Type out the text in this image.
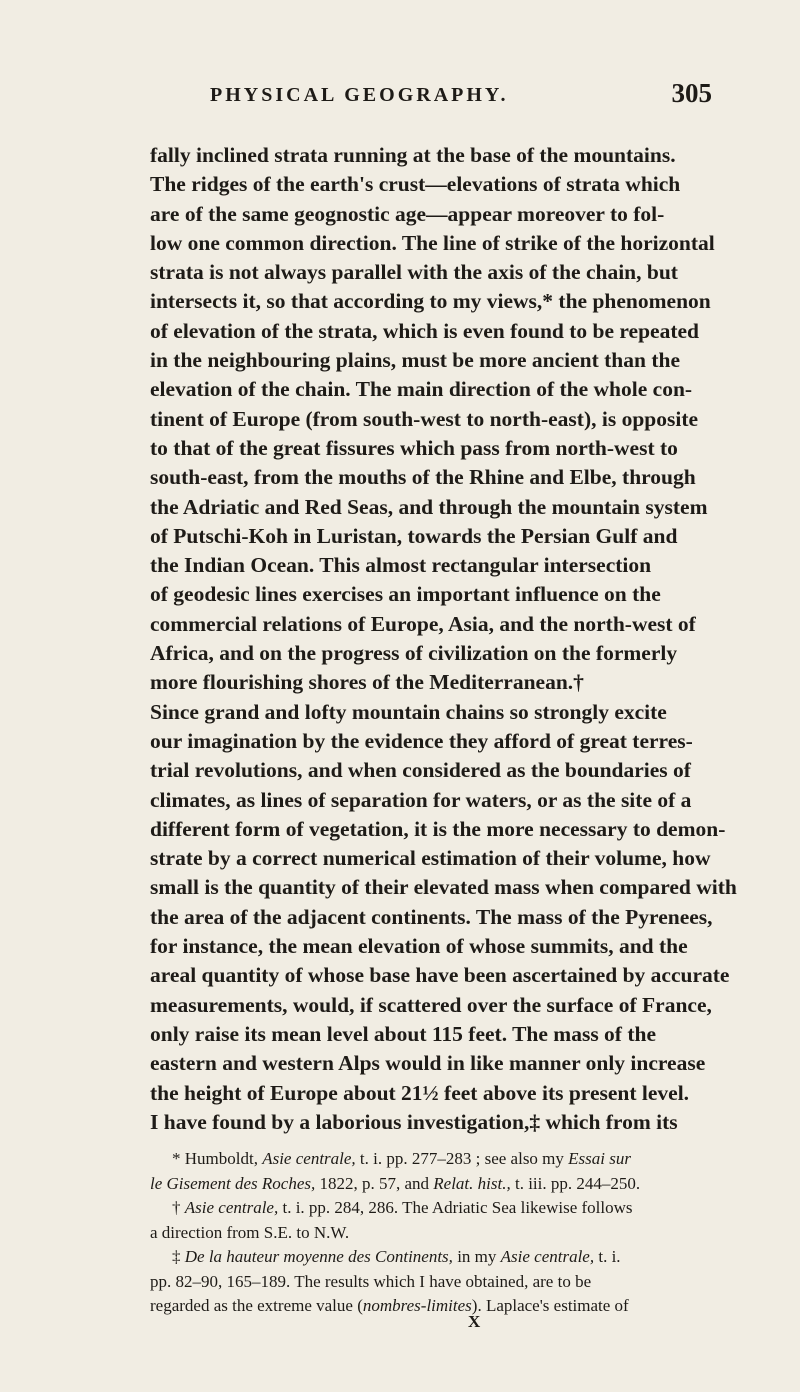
PHYSICAL GEOGRAPHY.	305
fally inclined strata running at the base of the mountains.
The ridges of the earth's crust—elevations of strata which
are of the same geognostic age—appear moreover to fol-
low one common direction. The line of strike of the horizontal
strata is not always parallel with the axis of the chain, but
intersects it, so that according to my views,* the phenomenon
of elevation of the strata, which is even found to be repeated
in the neighbouring plains, must be more ancient than the
elevation of the chain. The main direction of the whole con-
tinent of Europe (from south-west to north-east), is opposite
to that of the great fissures which pass from north-west to
south-east, from the mouths of the Rhine and Elbe, through
the Adriatic and Red Seas, and through the mountain system
of Putschi-Koh in Luristan, towards the Persian Gulf and
the Indian Ocean. This almost rectangular intersection
of geodesic lines exercises an important influence on the
commercial relations of Europe, Asia, and the north-west of
Africa, and on the progress of civilization on the formerly
more flourishing shores of the Mediterranean.†
Since grand and lofty mountain chains so strongly excite
our imagination by the evidence they afford of great terres-
trial revolutions, and when considered as the boundaries of
climates, as lines of separation for waters, or as the site of a
different form of vegetation, it is the more necessary to demon-
strate by a correct numerical estimation of their volume, how
small is the quantity of their elevated mass when compared with
the area of the adjacent continents. The mass of the Pyrenees,
for instance, the mean elevation of whose summits, and the
areal quantity of whose base have been ascertained by accurate
measurements, would, if scattered over the surface of France,
only raise its mean level about 115 feet. The mass of the
eastern and western Alps would in like manner only increase
the height of Europe about 21½ feet above its present level.
I have found by a laborious investigation,‡ which from its
* Humboldt, Asie centrale, t. i. pp. 277–283 ; see also my Essai sur
le Gisement des Roches, 1822, p. 57, and Relat. hist., t. iii. pp. 244–250.
† Asie centrale, t. i. pp. 284, 286. The Adriatic Sea likewise follows
a direction from S.E. to N.W.
‡ De la hauteur moyenne des Continents, in my Asie centrale, t. i.
pp. 82–90, 165–189. The results which I have obtained, are to be
regarded as the extreme value (nombres-limites). Laplace's estimate of
X
